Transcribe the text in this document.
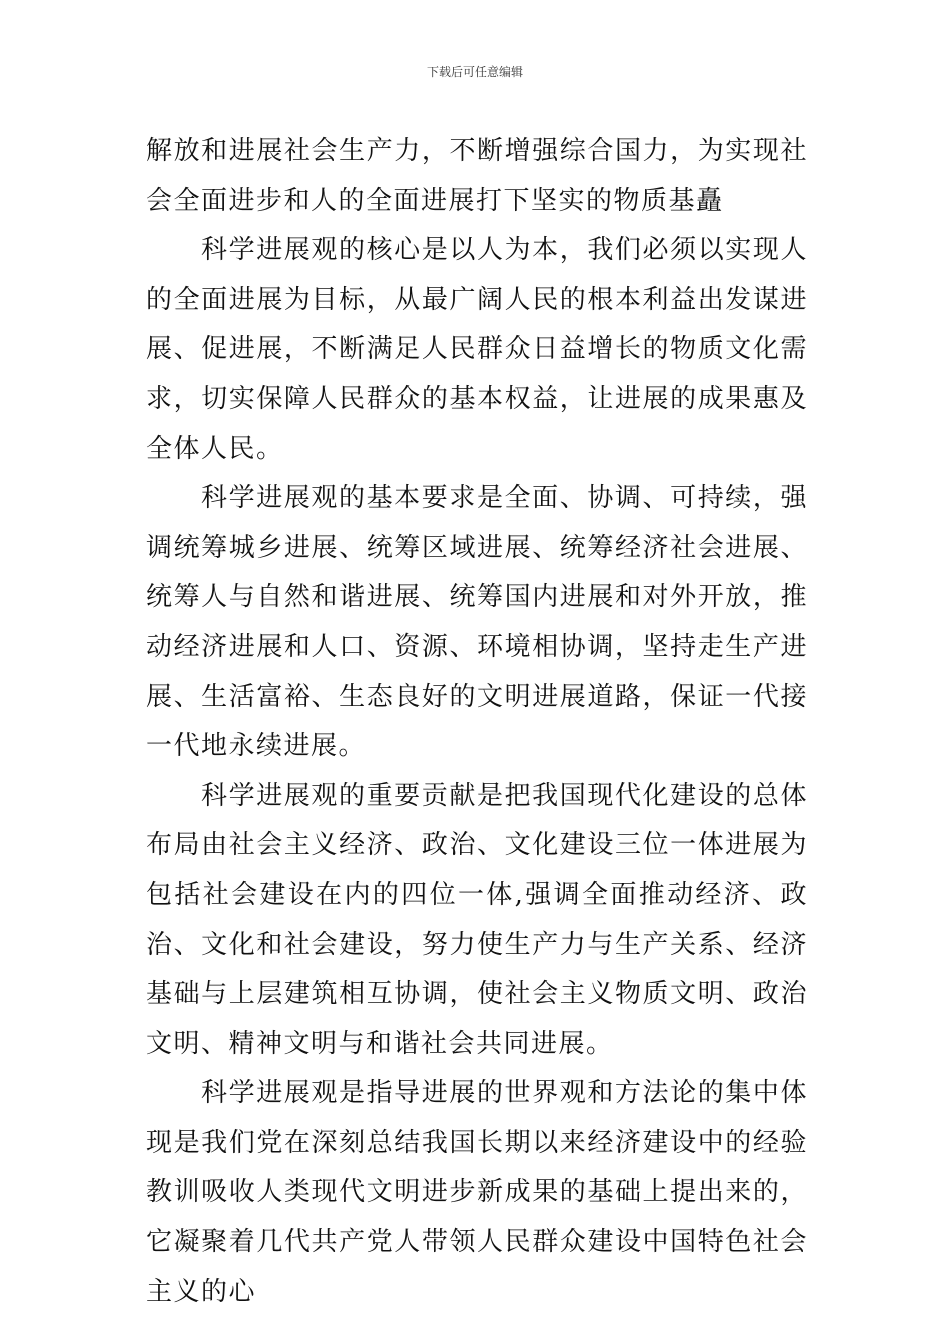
下载后可任意编辑

解放和进展社会生产力，不断增强综合国力，为实现社会全面进步和人的全面进展打下坚实的物质基矗

科学进展观的核心是以人为本，我们必须以实现人的全面进展为目标，从最广阔人民的根本利益出发谋进展、促进展，不断满足人民群众日益增长的物质文化需求，切实保障人民群众的基本权益，让进展的成果惠及全体人民。

科学进展观的基本要求是全面、协调、可持续，强调统筹城乡进展、统筹区域进展、统筹经济社会进展、统筹人与自然和谐进展、统筹国内进展和对外开放，推动经济进展和人口、资源、环境相协调，坚持走生产进展、生活富裕、生态良好的文明进展道路，保证一代接一代地永续进展。

科学进展观的重要贡献是把我国现代化建设的总体布局由社会主义经济、政治、文化建设三位一体进展为包括社会建设在内的四位一体,强调全面推动经济、政治、文化和社会建设，努力使生产力与生产关系、经济基础与上层建筑相互协调，使社会主义物质文明、政治文明、精神文明与和谐社会共同进展。

科学进展观是指导进展的世界观和方法论的集中体现是我们党在深刻总结我国长期以来经济建设中的经验教训吸收人类现代文明进步新成果的基础上提出来的，它凝聚着几代共产党人带领人民群众建设中国特色社会主义的心
